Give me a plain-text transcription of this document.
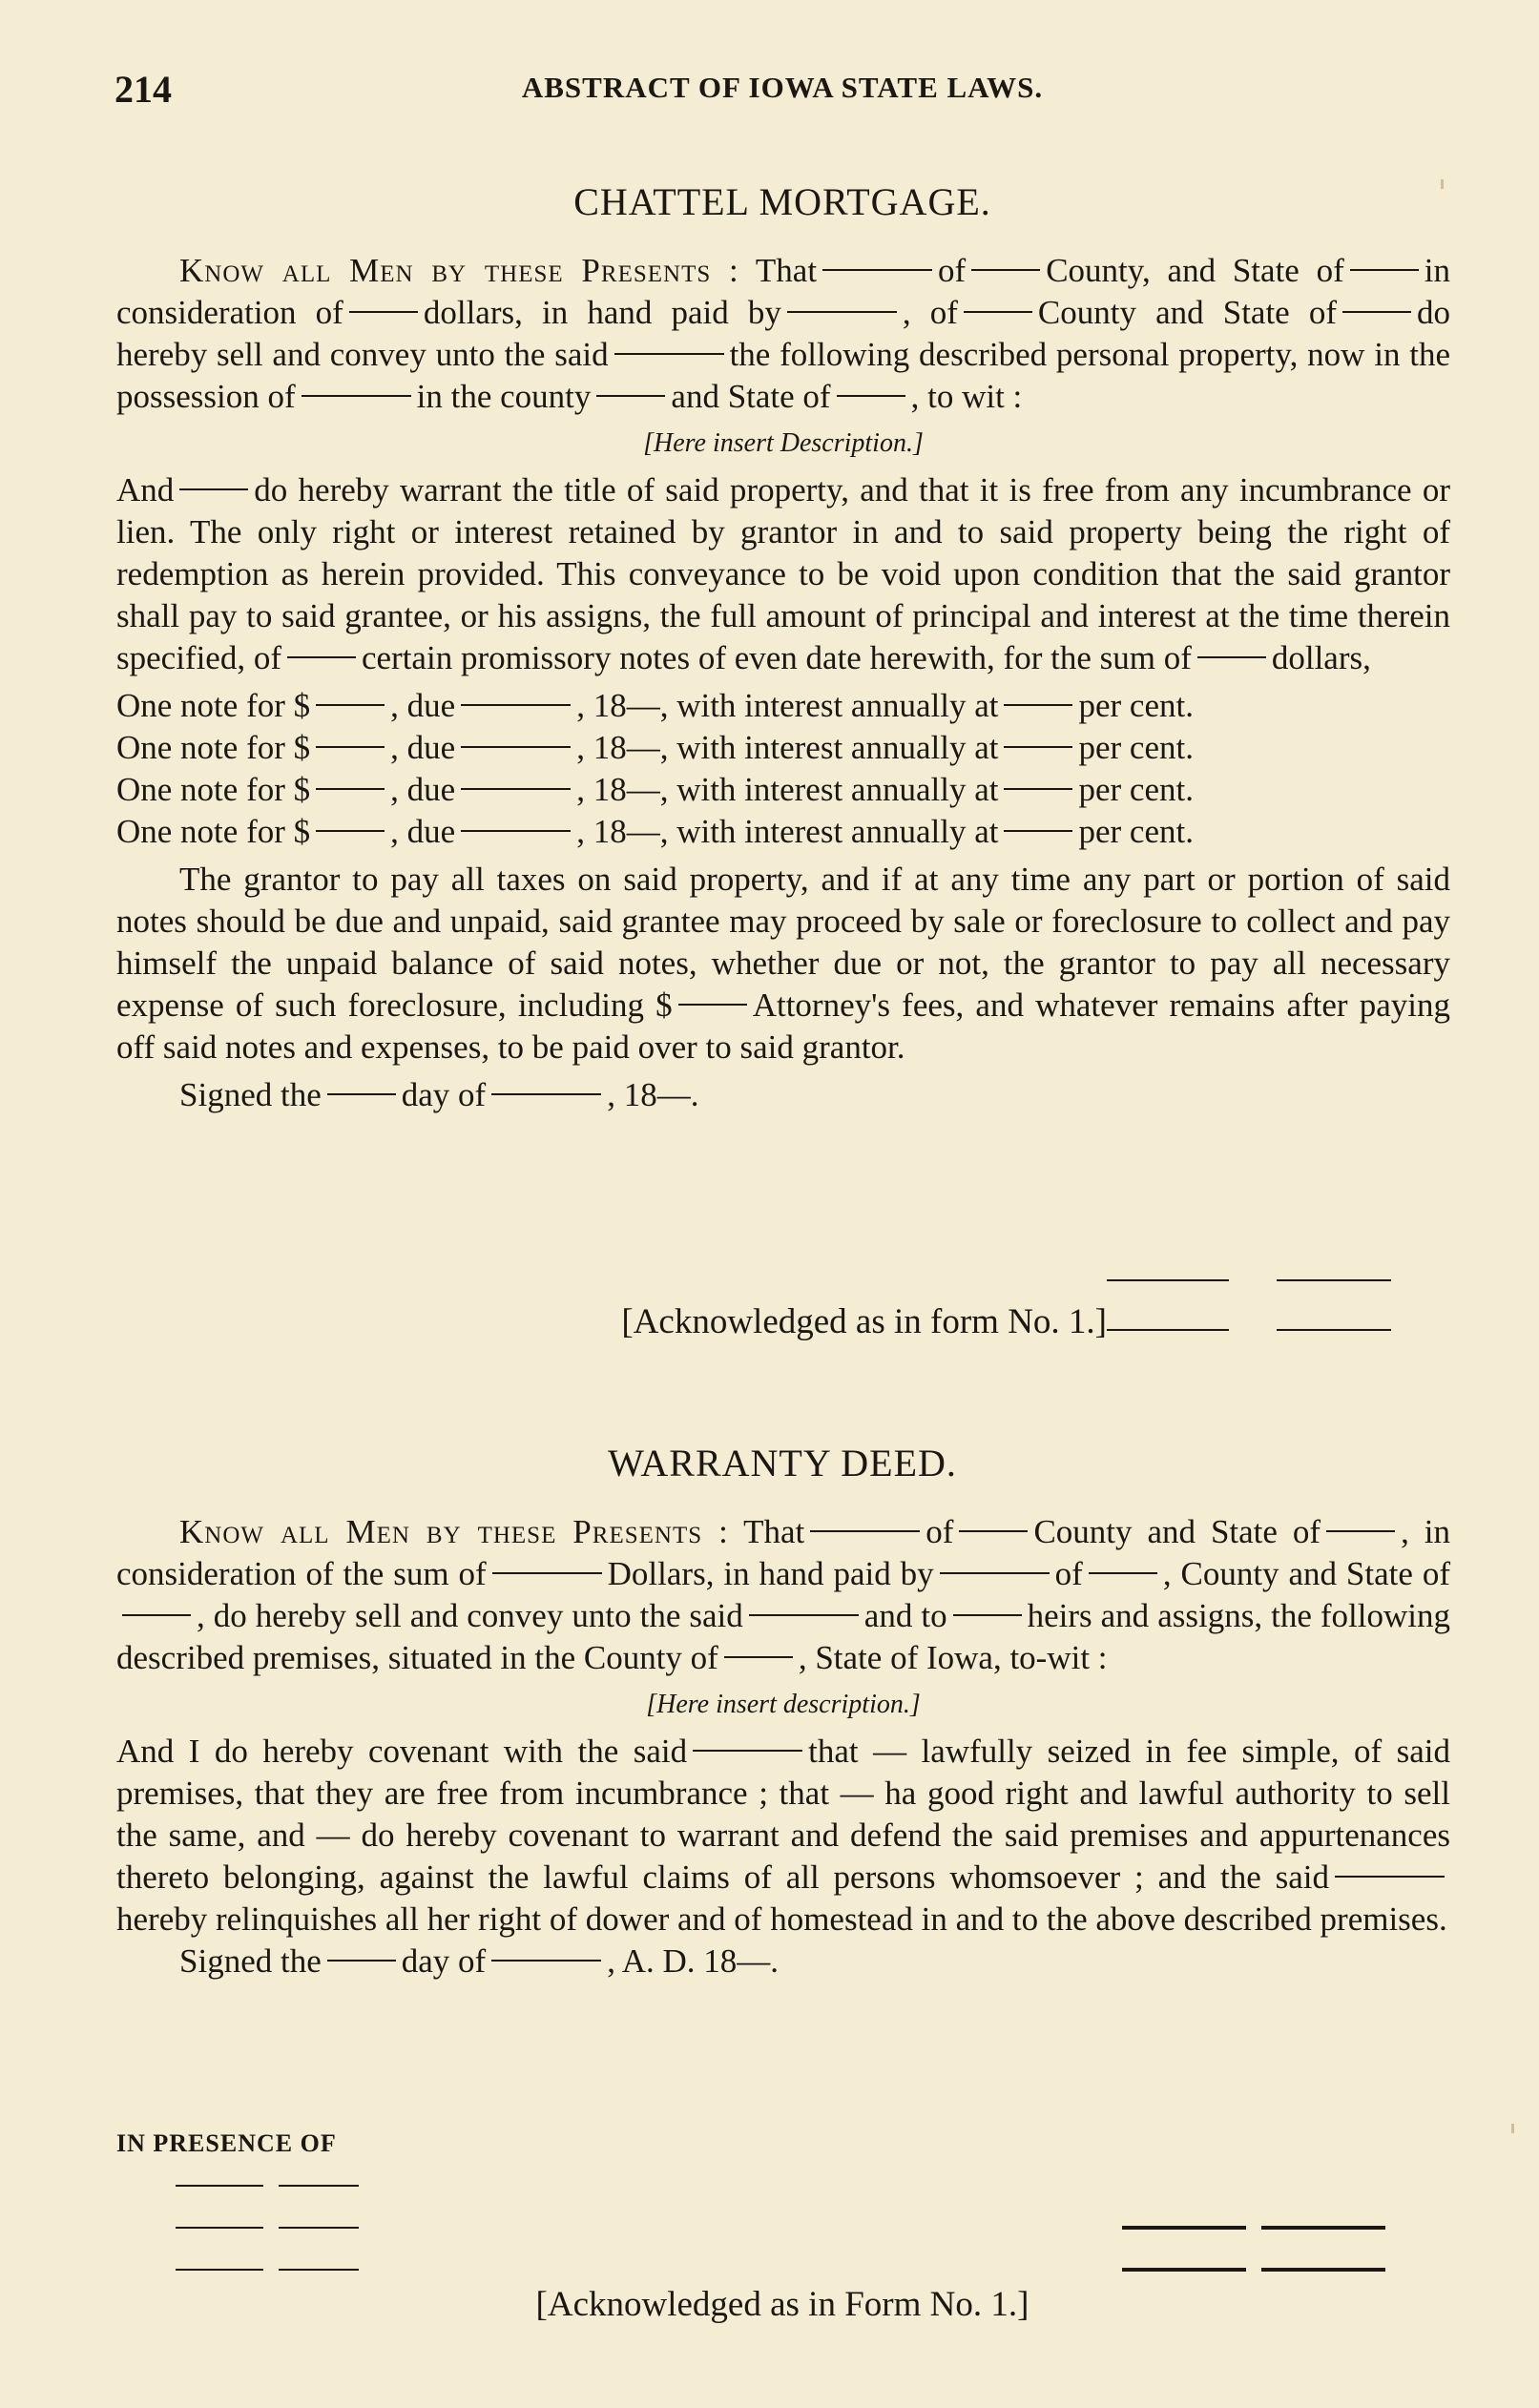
214	ABSTRACT OF IOWA STATE LAWS.
CHATTEL MORTGAGE.

Know all Men by these Presents : That	of County, and State of in consideration of dollars, in hand paid by	, of County and State of do hereby sell and convey unto the said	the following described personal property, now in the possession of	in the county and State of , to wit :

[Here insert Description.]

And do hereby warrant the title of said property, and that it is free from any incumbrance or lien. The only right or interest retained by grantor in and to said property being the right of redemption as herein provided. This conveyance to be void upon condition that the said grantor shall pay to said grantee, or his assigns, the full amount of principal and interest at the time therein specified, of certain promissory notes of even date herewith, for the sum of dollars,

One note for $ , due	, 18—, with interest annually at per cent.
One note for $ , due	, 18—, with interest annually at per cent.
One note for $ , due	, 18—, with interest annually at per cent.
One note for $ , due	, 18—, with interest annually at per cent.

The grantor to pay all taxes on said property, and if at any time any part or portion of said notes should be due and unpaid, said grantee may proceed by sale or foreclosure to collect and pay himself the unpaid balance of said notes, whether due or not, the grantor to pay all necessary expense of such foreclosure, including $ Attorney's fees, and whatever remains after paying off said notes and expenses, to be paid over to said grantor.

Signed the day of	, 18—.

[Acknowledged as in form No. 1.]
WARRANTY DEED.

Know all Men by these Presents : That	of County and State of , in consideration of the sum of	Dollars, in hand paid by	of , County and State of, do hereby sell and convey unto the said	and to heirs and assigns, the following described premises, situated in the County of , State of Iowa, to-wit :

[Here insert description.]

And I do hereby covenant with the said	that — lawfully seized in fee simple, of said premises, that they are free from incumbrance ; that — ha good right and lawful authority to sell the same, and — do hereby covenant to warrant and defend the said premises and appurtenances thereto belonging, against the lawful claims of all persons whomsoever ; and the saidhereby relinquishes all her right of dower and of homestead in and to the above described premises.

Signed the day of	, A. D. 18—.

IN PRESENCE OF
[Acknowledged as in Form No. 1.]
